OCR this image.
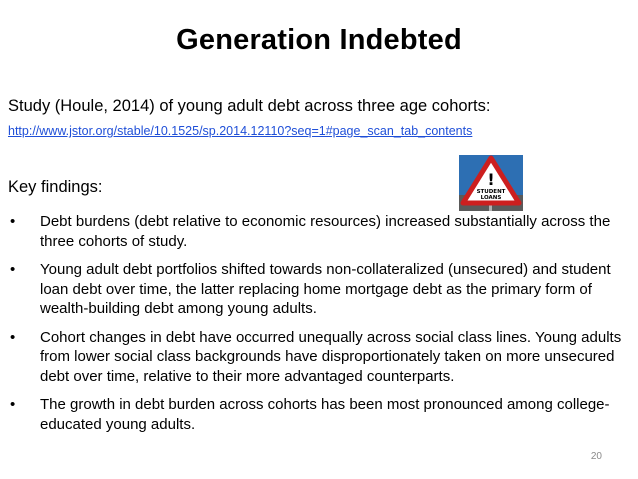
Generation Indebted
Study (Houle, 2014) of young adult debt across three age cohorts:
http://www.jstor.org/stable/10.1525/sp.2014.12110?seq=1#page_scan_tab_contents
!
STUDENT
LOANS
Key findings:
• Debt burdens (debt relative to economic resources) increased substantially across the three cohorts of study.
• Young adult debt portfolios shifted towards non-collateralized (unsecured) and student loan debt over time, the latter replacing home mortgage debt as the primary form of wealth-building debt among young adults.
• Cohort changes in debt have occurred unequally across social class lines. Young adults from lower social class backgrounds have disproportionately taken on more unsecured debt over time, relative to their more advantaged counterparts.
• The growth in debt burden across cohorts has been most pronounced among college-educated young adults.
20
